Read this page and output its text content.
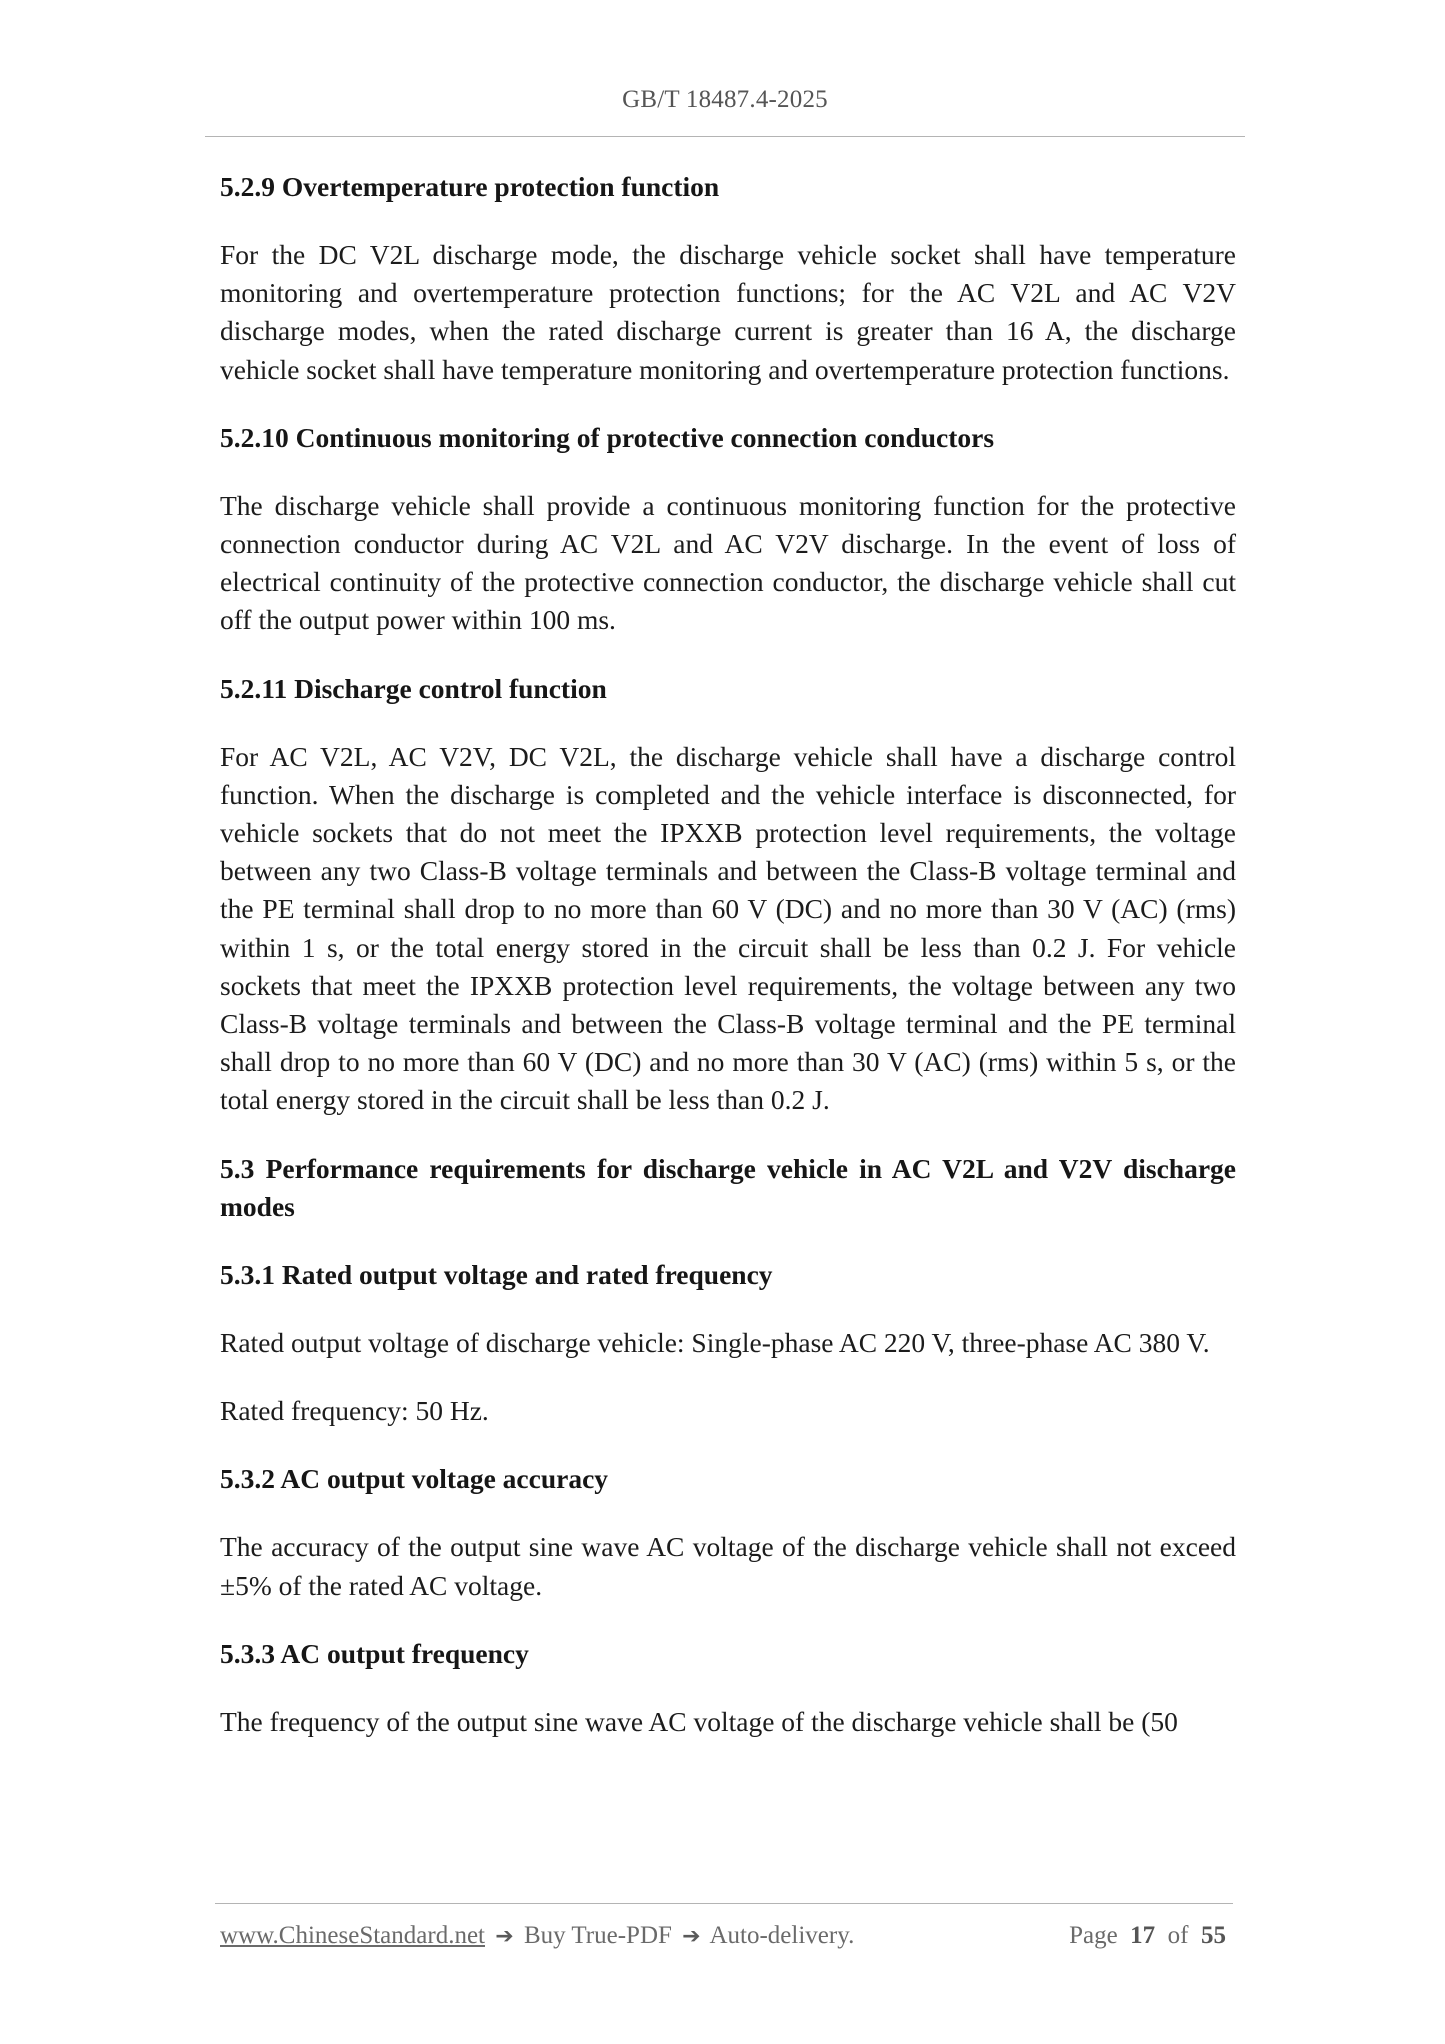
GB/T 18487.4-2025
5.2.9 Overtemperature protection function
For the DC V2L discharge mode, the discharge vehicle socket shall have temperature monitoring and overtemperature protection functions; for the AC V2L and AC V2V discharge modes, when the rated discharge current is greater than 16 A, the discharge vehicle socket shall have temperature monitoring and overtemperature protection functions.
5.2.10 Continuous monitoring of protective connection conductors
The discharge vehicle shall provide a continuous monitoring function for the protective connection conductor during AC V2L and AC V2V discharge. In the event of loss of electrical continuity of the protective connection conductor, the discharge vehicle shall cut off the output power within 100 ms.
5.2.11 Discharge control function
For AC V2L, AC V2V, DC V2L, the discharge vehicle shall have a discharge control function. When the discharge is completed and the vehicle interface is disconnected, for vehicle sockets that do not meet the IPXXB protection level requirements, the voltage between any two Class-B voltage terminals and between the Class-B voltage terminal and the PE terminal shall drop to no more than 60 V (DC) and no more than 30 V (AC) (rms) within 1 s, or the total energy stored in the circuit shall be less than 0.2 J. For vehicle sockets that meet the IPXXB protection level requirements, the voltage between any two Class-B voltage terminals and between the Class-B voltage terminal and the PE terminal shall drop to no more than 60 V (DC) and no more than 30 V (AC) (rms) within 5 s, or the total energy stored in the circuit shall be less than 0.2 J.
5.3 Performance requirements for discharge vehicle in AC V2L and V2V discharge modes
5.3.1 Rated output voltage and rated frequency
Rated output voltage of discharge vehicle: Single-phase AC 220 V, three-phase AC 380 V.
Rated frequency: 50 Hz.
5.3.2 AC output voltage accuracy
The accuracy of the output sine wave AC voltage of the discharge vehicle shall not exceed ±5% of the rated AC voltage.
5.3.3 AC output frequency
The frequency of the output sine wave AC voltage of the discharge vehicle shall be (50
www.ChineseStandard.net ➔ Buy True-PDF ➔ Auto-delivery.	Page 17 of 55
